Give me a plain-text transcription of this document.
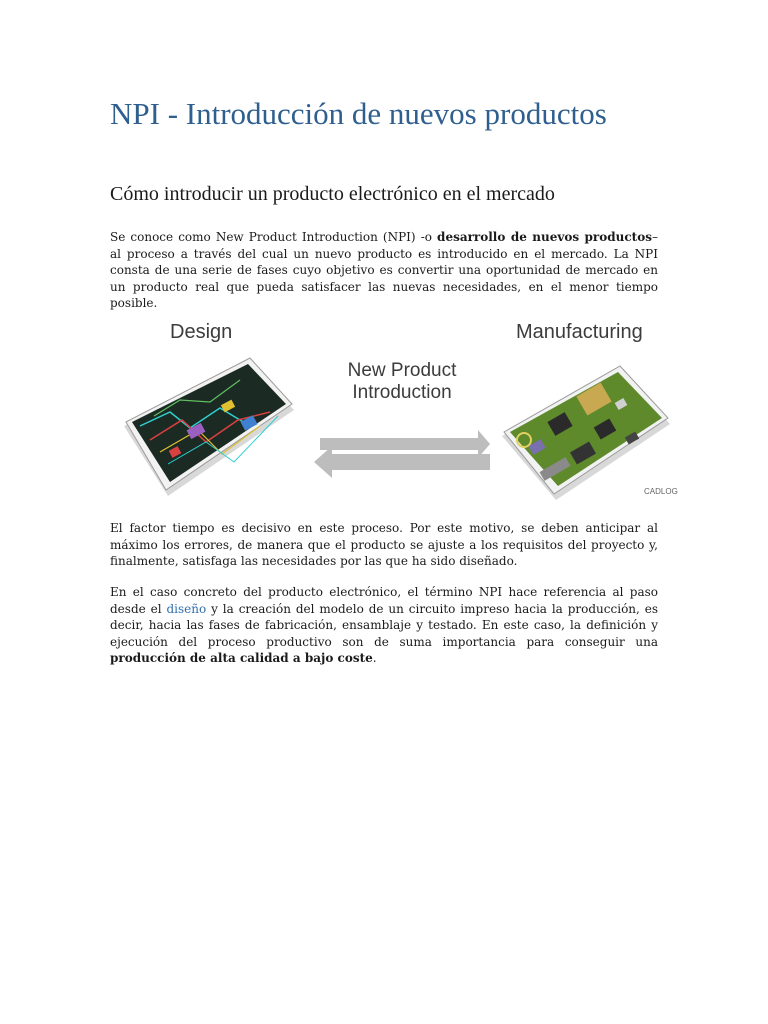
NPI - Introducción de nuevos productos
Cómo introducir un producto electrónico en el mercado

Se conoce como New Product Introduction (NPI) -o desarrollo de nuevos productos– al proceso a través del cual un nuevo producto es introducido en el mercado. La NPI consta de una serie de fases cuyo objetivo es convertir una oportunidad de mercado en un producto real que pueda satisfacer las nuevas necesidades, en el menor tiempo posible.

Design	Manufacturing
New Product
Introduction
CADLOG

El factor tiempo es decisivo en este proceso. Por este motivo, se deben anticipar al máximo los errores, de manera que el producto se ajuste a los requisitos del proyecto y, finalmente, satisfaga las necesidades por las que ha sido diseñado.

En el caso concreto del producto electrónico, el término NPI hace referencia al paso desde el diseño y la creación del modelo de un circuito impreso hacia la producción, es decir, hacia las fases de fabricación, ensamblaje y testado. En este caso, la definición y ejecución del proceso productivo son de suma importancia para conseguir una producción de alta calidad a bajo coste.
